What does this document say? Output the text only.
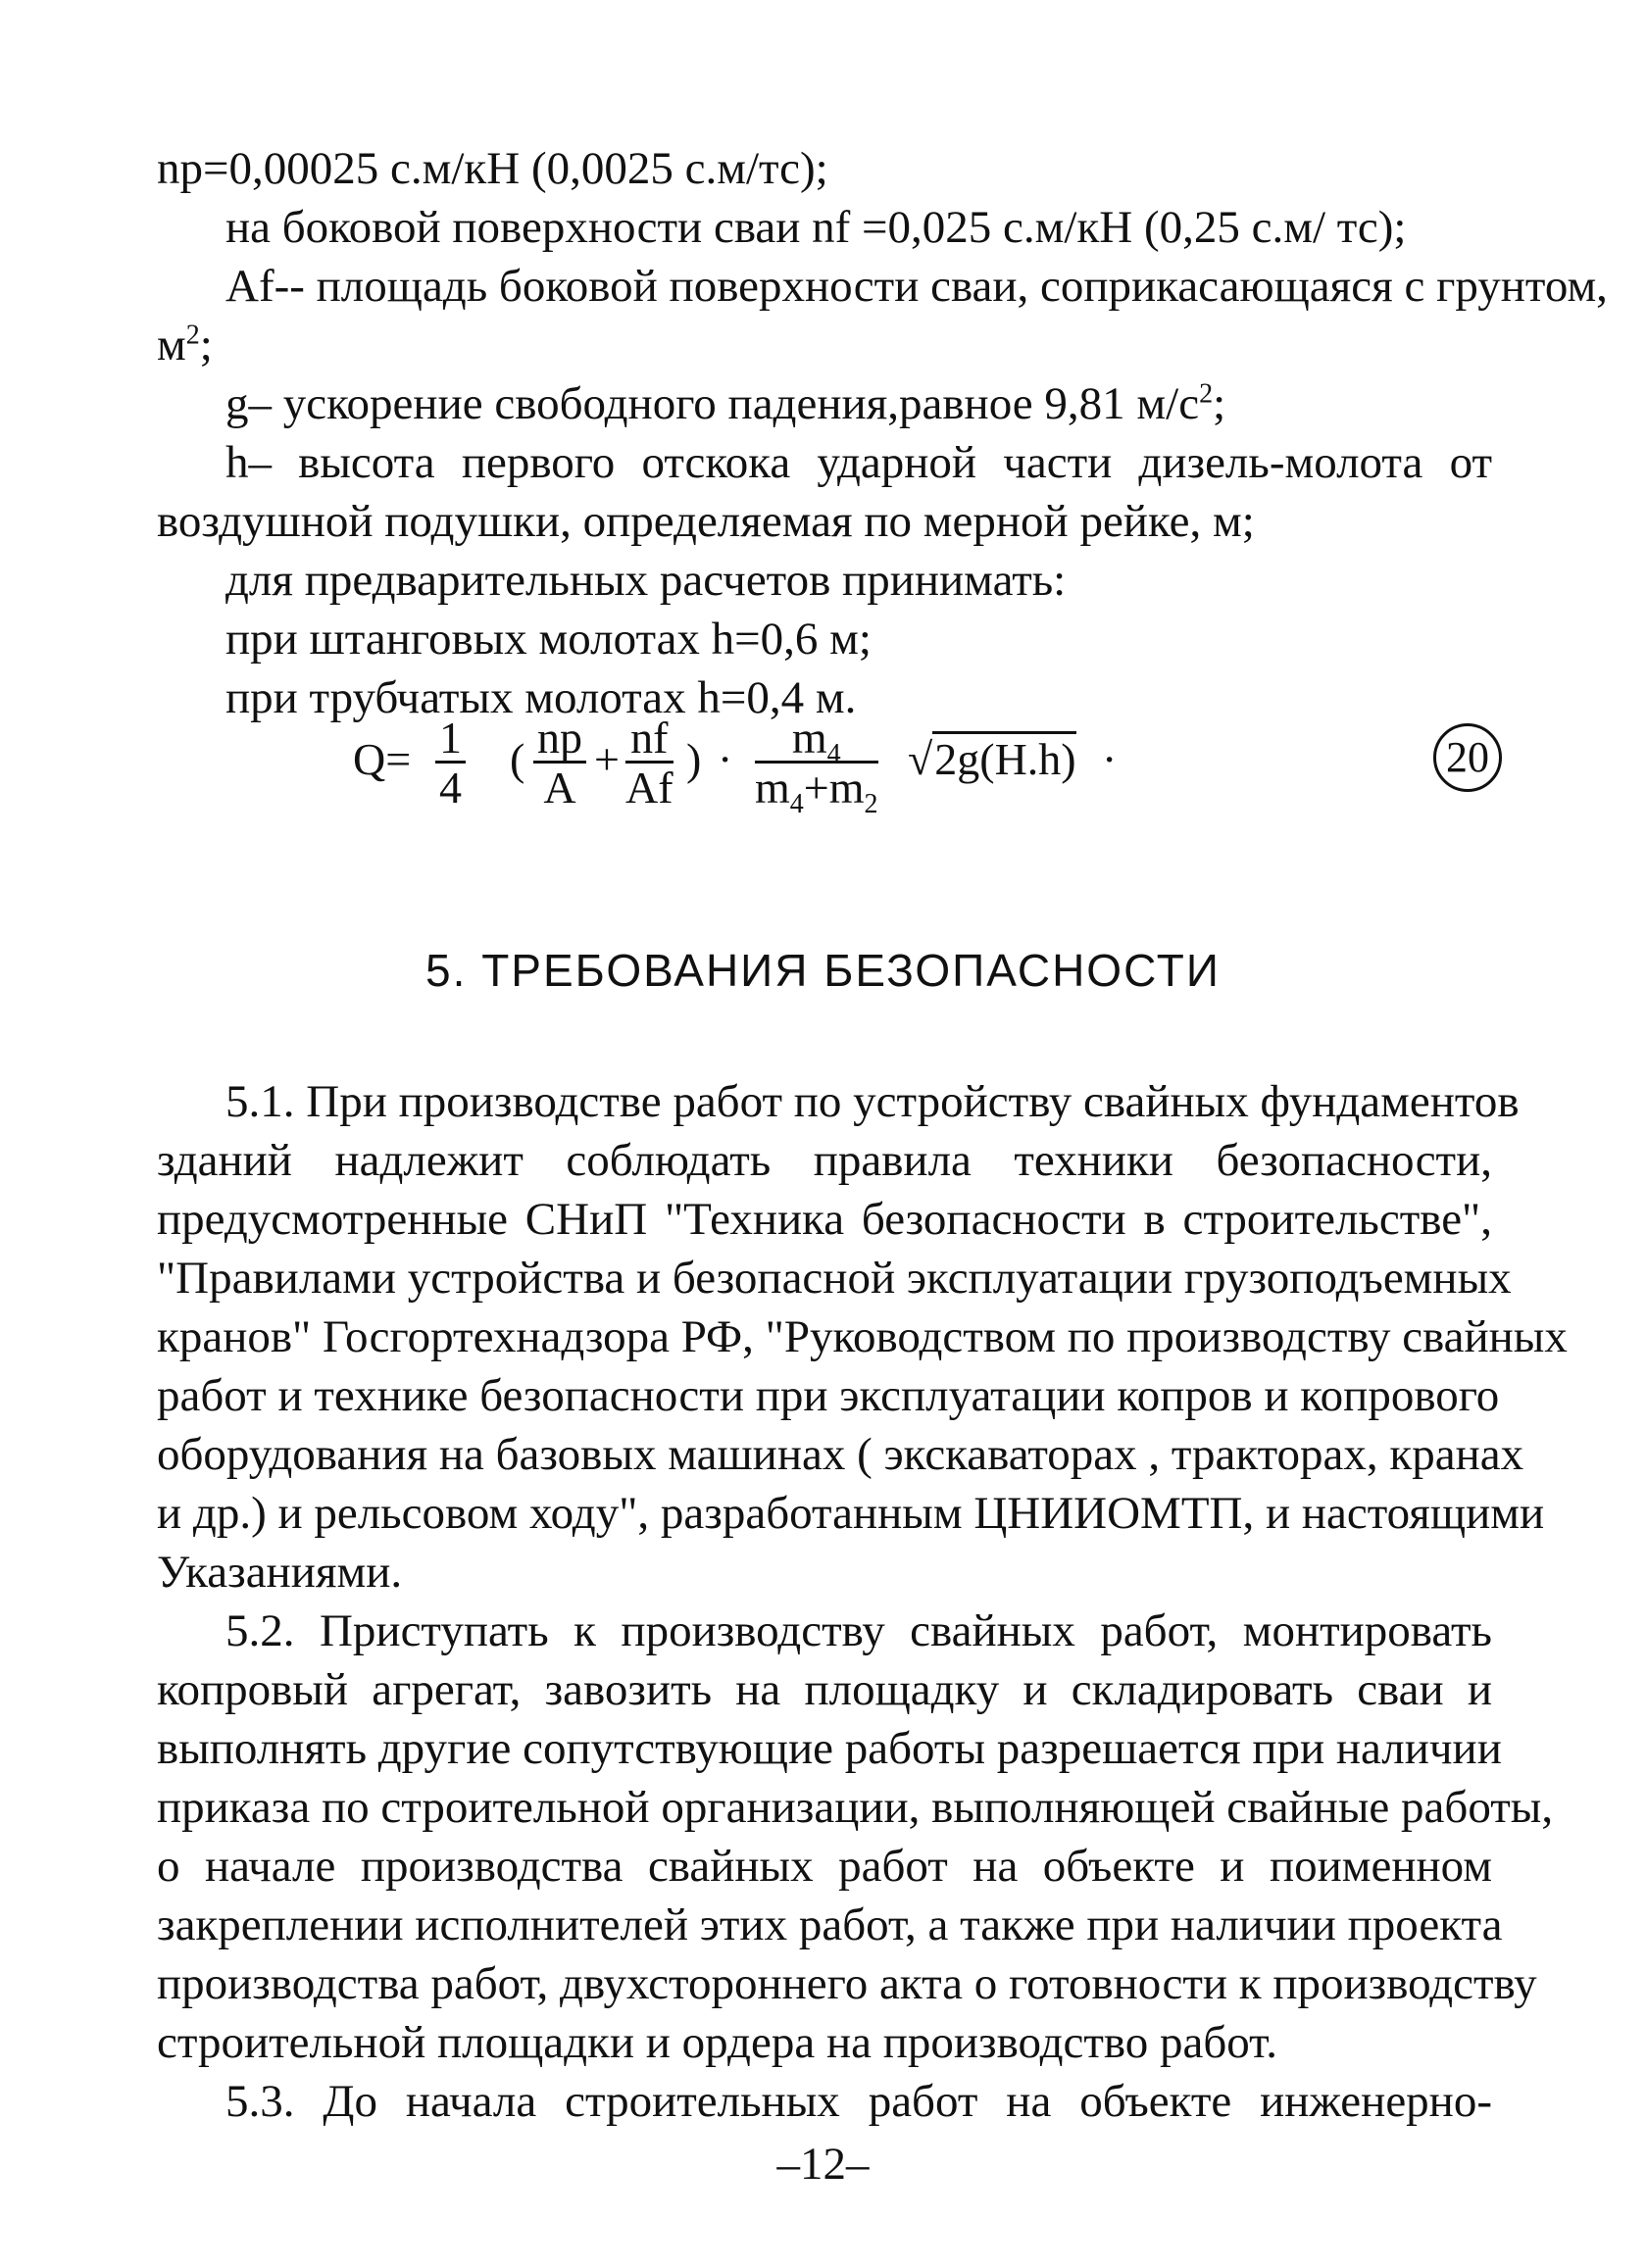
np=0,00025 с.м/кН (0,0025 с.м/тс);
на боковой поверхности сваи nf =0,025 с.м/кН (0,25 с.м/ тс);
Af-- площадь боковой поверхности сваи, соприкасающаяся с грунтом,
$м^2$;
g– ускорение свободного падения,равное 9,81 $м/с^2$;
h– высота первого отскока ударной части дизель-молота от
воздушной подушки, определяемая по мерной рейке, м;
для предварительных расчетов принимать:
при штанговых молотах h=0,6 м;
при трубчатых молотах h=0,4 м.
$Q= \frac{1}{4}$ ( $\frac{np}{A} + \frac{nf}{Af}$ ) · $\frac{m_4}{m_4+m_2} √2g(H.h)$ ·	20
5. ТРЕБОВАНИЯ БЕЗОПАСНОСТИ
5.1. При производстве работ по устройству свайных фундаментов
зданий надлежит соблюдать правила техники безопасности,
предусмотренные СНиП "Техника безопасности в строительстве",
"Правилами устройства и безопасной эксплуатации грузоподъемных
кранов" Госгортехнадзора РФ, "Руководством по производству свайных
работ и технике безопасности при эксплуатации копров и копрового
оборудования на базовых машинах ( экскаваторах , тракторах, кранах
и др.) и рельсовом ходу", разработанным ЦНИИОМТП, и настоящими
Указаниями.
5.2. Приступать к производству свайных работ, монтировать
копровый агрегат, завозить на площадку и складировать сваи и
выполнять другие сопутствующие работы разрешается при наличии
приказа по строительной организации, выполняющей свайные работы,
о начале производства свайных работ на объекте и поименном
закреплении исполнителей этих работ, а также при наличии проекта
производства работ, двухстороннего акта о готовности к производству
строительной площадки и ордера на производство работ.
5.3. До начала строительных работ на объекте инженерно-
–12–
